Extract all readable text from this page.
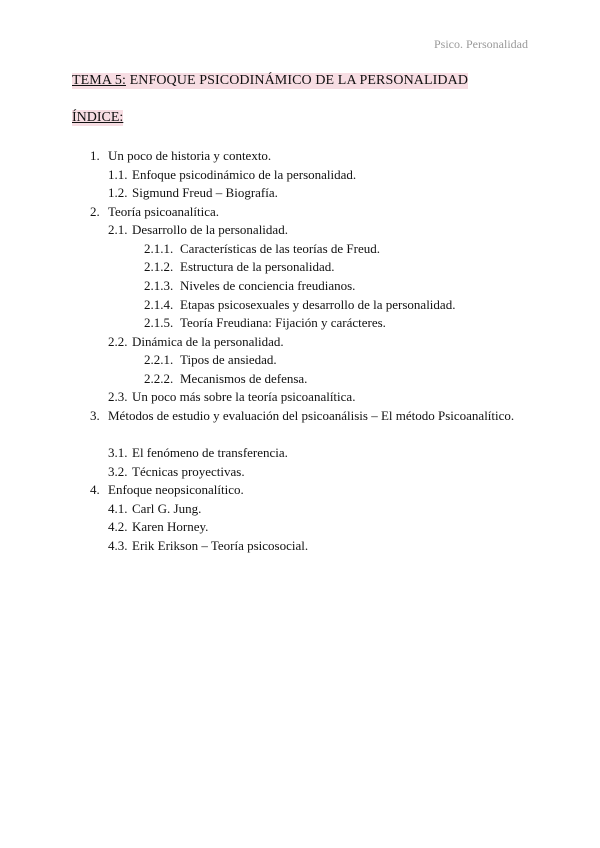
Psico. Personalidad
TEMA 5: ENFOQUE PSICODINÁMICO DE LA PERSONALIDAD
ÍNDICE:
1. Un poco de historia y contexto.
1.1. Enfoque psicodinámico de la personalidad.
1.2. Sigmund Freud – Biografía.
2. Teoría psicoanalítica.
2.1. Desarrollo de la personalidad.
2.1.1. Características de las teorías de Freud.
2.1.2. Estructura de la personalidad.
2.1.3. Niveles de conciencia freudianos.
2.1.4. Etapas psicosexuales y desarrollo de la personalidad.
2.1.5. Teoría Freudiana: Fijación y carácteres.
2.2. Dinámica de la personalidad.
2.2.1. Tipos de ansiedad.
2.2.2. Mecanismos de defensa.
2.3. Un poco más sobre la teoría psicoanalítica.
3. Métodos de estudio y evaluación del psicoanálisis – El método Psicoanalítico.
3.1. El fenómeno de transferencia.
3.2. Técnicas proyectivas.
4. Enfoque neopsiconalítico.
4.1. Carl G. Jung.
4.2. Karen Horney.
4.3. Erik Erikson – Teoría psicosocial.
